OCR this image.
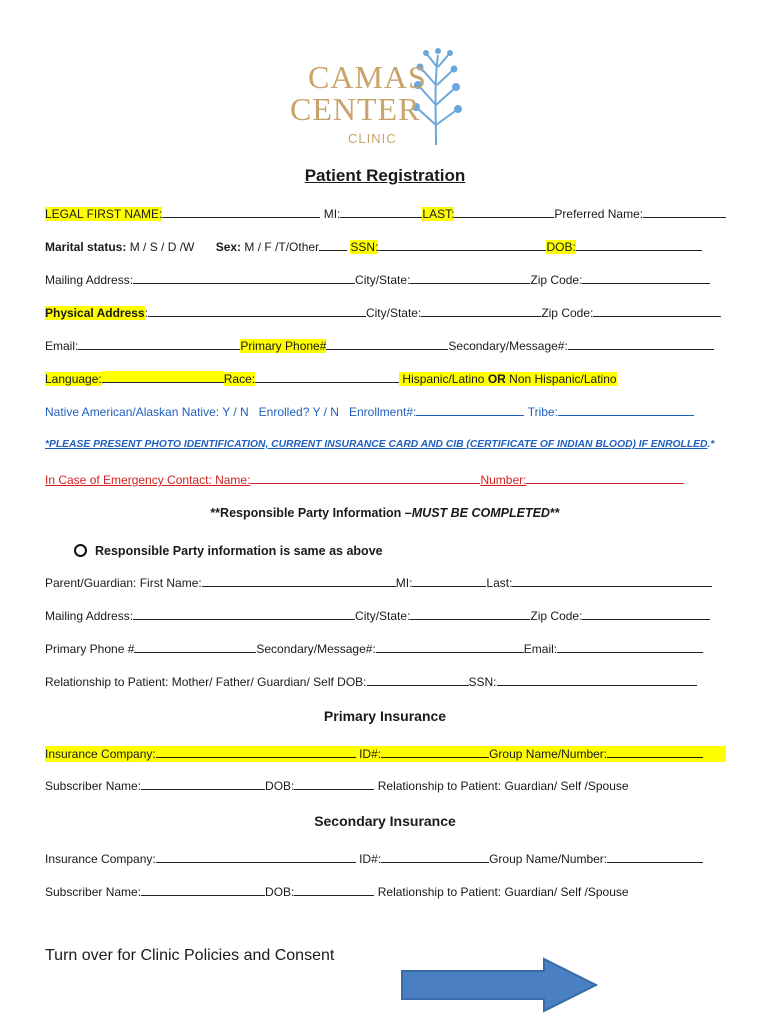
CAMAS
CENTER
CLINIC
Patient Registration
LEGAL FIRST NAME:	MI:	LAST:	Preferred Name:
Marital status: M / S / D /W Sex: M / F /T/Other	SSN:	DOB:
Mailing Address:	City/State:	Zip Code:
Physical Address:	City/State:	Zip Code:
Email:	Primary Phone#	Secondary/Message#:
Language:	Race:	Hispanic/Latino OR Non Hispanic/Latino
Native American/Alaskan Native: Y / N Enrolled? Y / N Enrollment#:	Tribe:
*PLEASE PRESENT PHOTO IDENTIFICATION, CURRENT INSURANCE CARD AND CIB (CERTIFICATE OF INDIAN BLOOD) IF ENROLLED.*
In Case of Emergency Contact: Name:	Number:
**Responsible Party Information –MUST BE COMPLETED**
Responsible Party information is same as above
Parent/Guardian: First Name:	MI:	Last:
Mailing Address:	City/State:	Zip Code:
Primary Phone #	Secondary/Message#:	Email:
Relationship to Patient: Mother/ Father/ Guardian/ Self DOB:	SSN:
Primary Insurance
Insurance Company:	ID#:	Group Name/Number:
Subscriber Name:	DOB:	Relationship to Patient: Guardian/ Self /Spouse
Secondary Insurance
Insurance Company:	ID#:	Group Name/Number:
Subscriber Name:	DOB:	Relationship to Patient: Guardian/ Self /Spouse
Turn over for Clinic Policies and Consent
